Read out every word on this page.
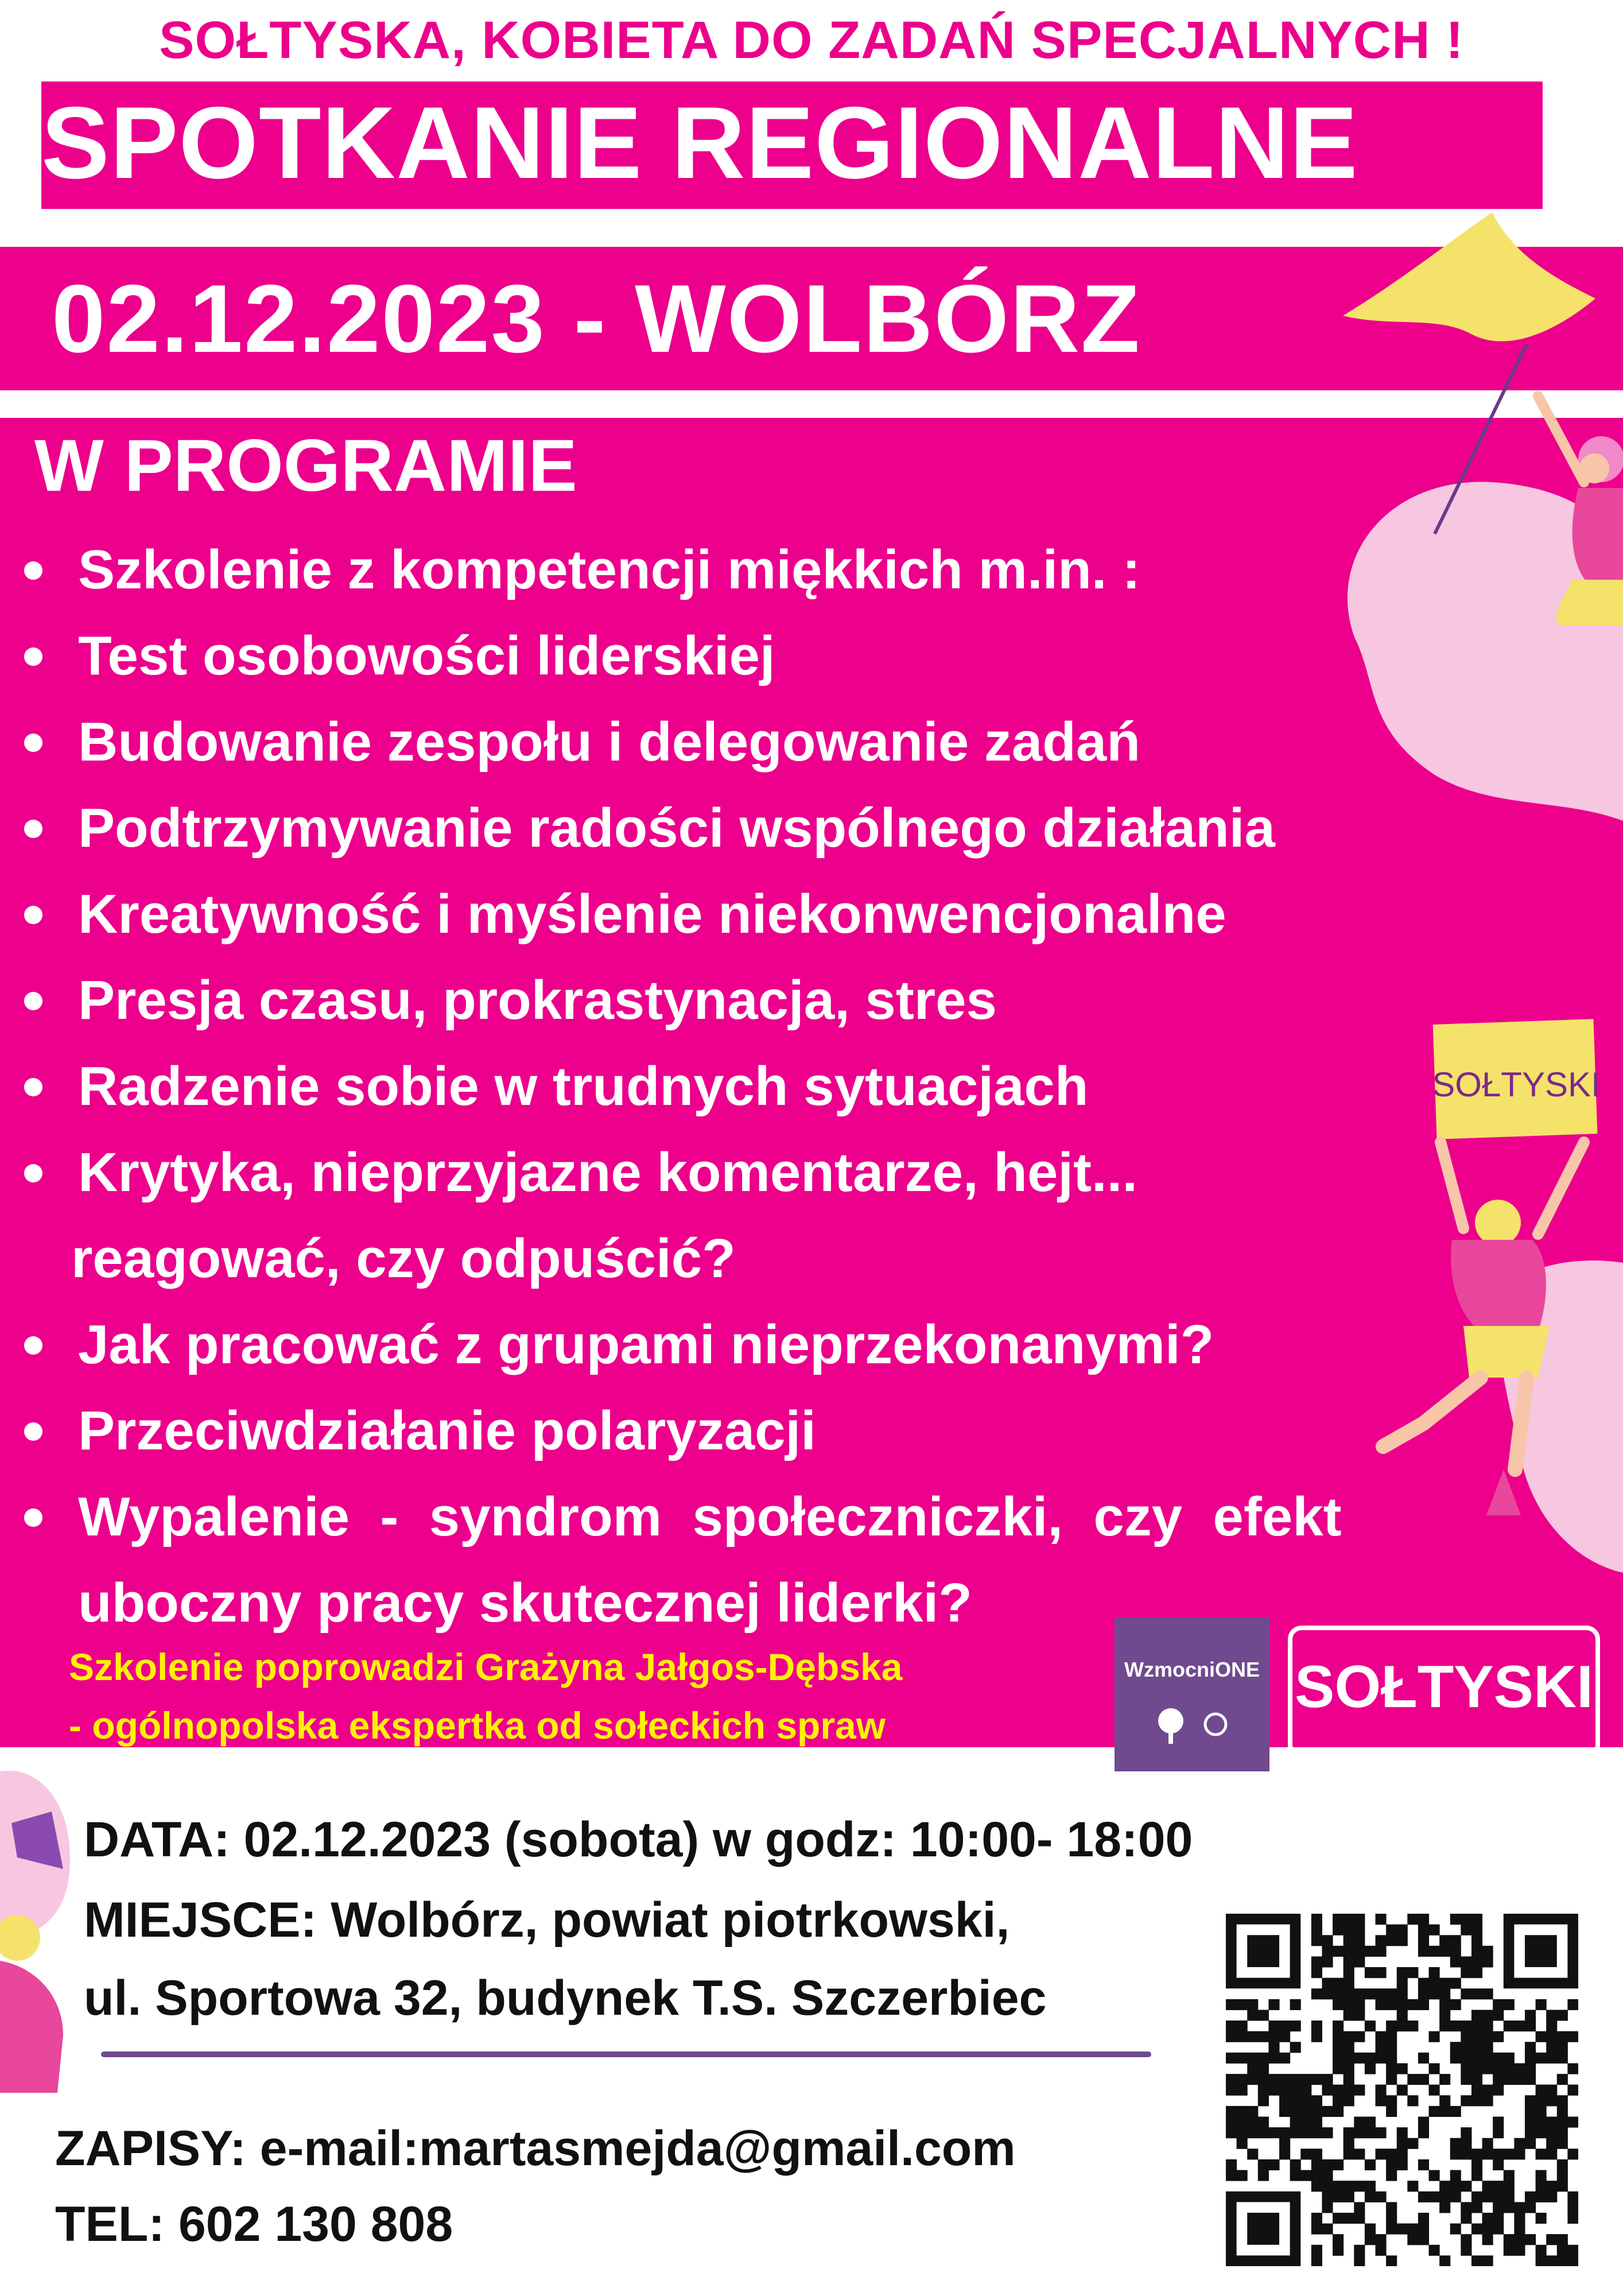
SOŁTYSKA, KOBIETA DO ZADAŃ SPECJALNYCH !
SPOTKANIE REGIONALNE
02.12.2023 - WOLBÓRZ
SOŁTYSKI
W PROGRAMIE
Szkolenie z kompetencji miękkich m.in. :
Test osobowości liderskiej
Budowanie zespołu i delegowanie zadań
Podtrzymywanie radości wspólnego działania
Kreatywność i myślenie niekonwencjonalne
Presja czasu, prokrastynacja, stres
Radzenie sobie w trudnych sytuacjach
Krytyka, nieprzyjazne komentarze, hejt...
reagować, czy odpuścić?
Jak pracować z grupami nieprzekonanymi?
Przeciwdziałanie polaryzacji
Wypalenie  -  syndrom  społeczniczki,  czy  efekt
uboczny pracy skutecznej liderki?
Szkolenie poprowadzi Grażyna Jałgos-Dębska
- ogólnopolska ekspertka od sołeckich spraw
WzmocniONE SOŁTYSKI
DATA: 02.12.2023 (sobota) w godz: 10:00- 18:00
MIEJSCE: Wolbórz, powiat piotrkowski,
ul. Sportowa 32, budynek T.S. Szczerbiec
ZAPISY: e-mail:martasmejda@gmail.com
TEL: 602 130 808
